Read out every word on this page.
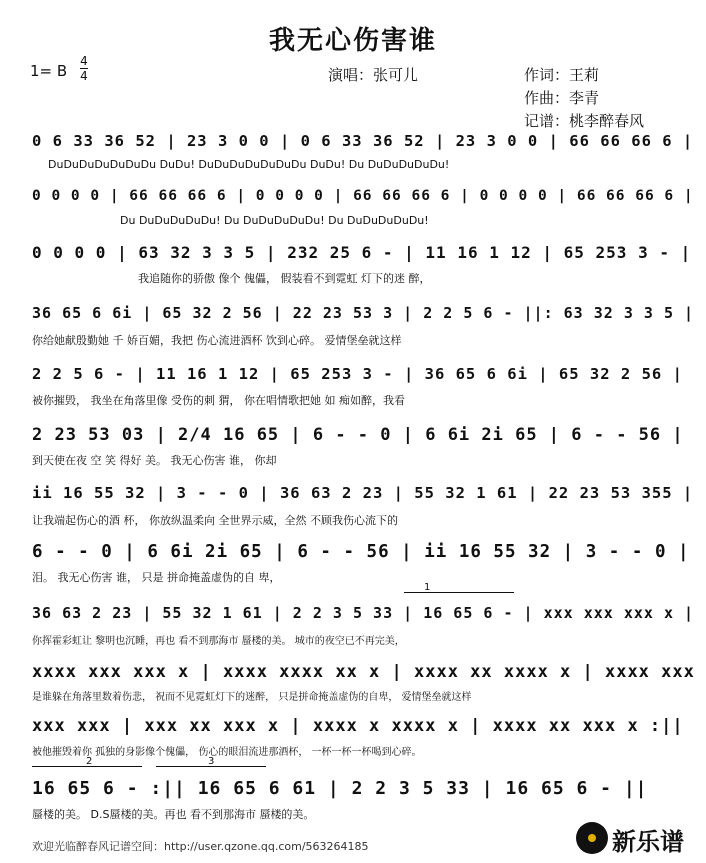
我无心伤害谁
1= B
4
4	演唱：张可儿	作词：王莉
作曲：李青
记谱：桃李醉春风
0 6 33 36 52 | 23 3 0 0 | 0 6 33 36 52 | 23 3 0 0 | 66 66 66 6 |
DuDuDuDuDuDuDu DuDu! DuDuDuDuDuDuDu DuDu! Du DuDuDuDuDu!
0 0 0 0 | 66 66 66 6 | 0 0 0 0 | 66 66 66 6 | 0 0 0 0 | 66 66 66 6 |
Du DuDuDuDuDu! Du DuDuDuDuDu! Du DuDuDuDuDu!
0 0 0 0 | 63 32 3 3 5 | 232 25 6 - | 11 16 1 12 | 65 253 3 - |
我追随你的骄傲 像个 傀儡， 假装看不到霓虹 灯下的迷 醉，
36 65 6 6i | 65 32 2 56 | 22 23 53 3 | 2 2 5 6 - ||: 63 32 3 3 5 |
你给她献殷勤她 千 娇百媚，我把 伤心流进酒杯 饮到心碎。 爱情堡垒就这样
2 2 5 6 - | 11 16 1 12 | 65 253 3 - | 36 65 6 6i | 65 32 2 56 |
被你摧毁， 我坐在角落里像 受伤的刺 猬， 你在唱情歌把她 如 痴如醉，我看
2 23 53 03 | 2/4 16 65 | 6 - - 0 | 6 6i 2i 65 | 6 - - 56 |
到天使在夜 空 笑 得好 美。 我无心伤害 谁， 你却
ii 16 55 32 | 3 - - 0 | 36 63 2 23 | 55 32 1 61 | 22 23 53 355 |
让我端起伤心的酒 杯， 你放纵温柔向 全世界示威，全然 不顾我伤心流下的
6 - - 0 | 6 6i 2i 65 | 6 - - 56 | ii 16 55 32 | 3 - - 0 |
泪。 我无心伤害 谁， 只是 拼命掩盖虚伪的自 卑，
1
36 63 2 23 | 55 32 1 61 | 2 2 3 5 33 | 16 65 6 - | xxx xxx xxx x |
你挥霍彩虹让 黎明也沉睡，再也 看不到那海市 蜃楼的美。 城市的夜空已不再完美，
xxxx xxx xxx x | xxxx xxxx xx x | xxxx xx xxxx x | xxxx xxx
是谁躲在角落里数着伤悲， 祝而不见霓虹灯下的迷醉， 只是拼命掩盖虚伪的自卑， 爱情堡垒就这样
xxx xxx | xxx xx xxx x | xxxx x xxxx x | xxxx xx xxx x :||
被他摧毁着你 孤独的身影像个傀儡， 伤心的眼泪流进那酒杯， 一杯一杯一杯喝到心碎。
2	3
16 65 6 - :|| 16 65 6 61 | 2 2 3 5 33 | 16 65 6 - ||
蜃楼的美。 D.S蜃楼的美。再也 看不到那海市 蜃楼的美。
欢迎光临醉春风记谱空间：http://user.qzone.qq.com/563264185	新乐谱
